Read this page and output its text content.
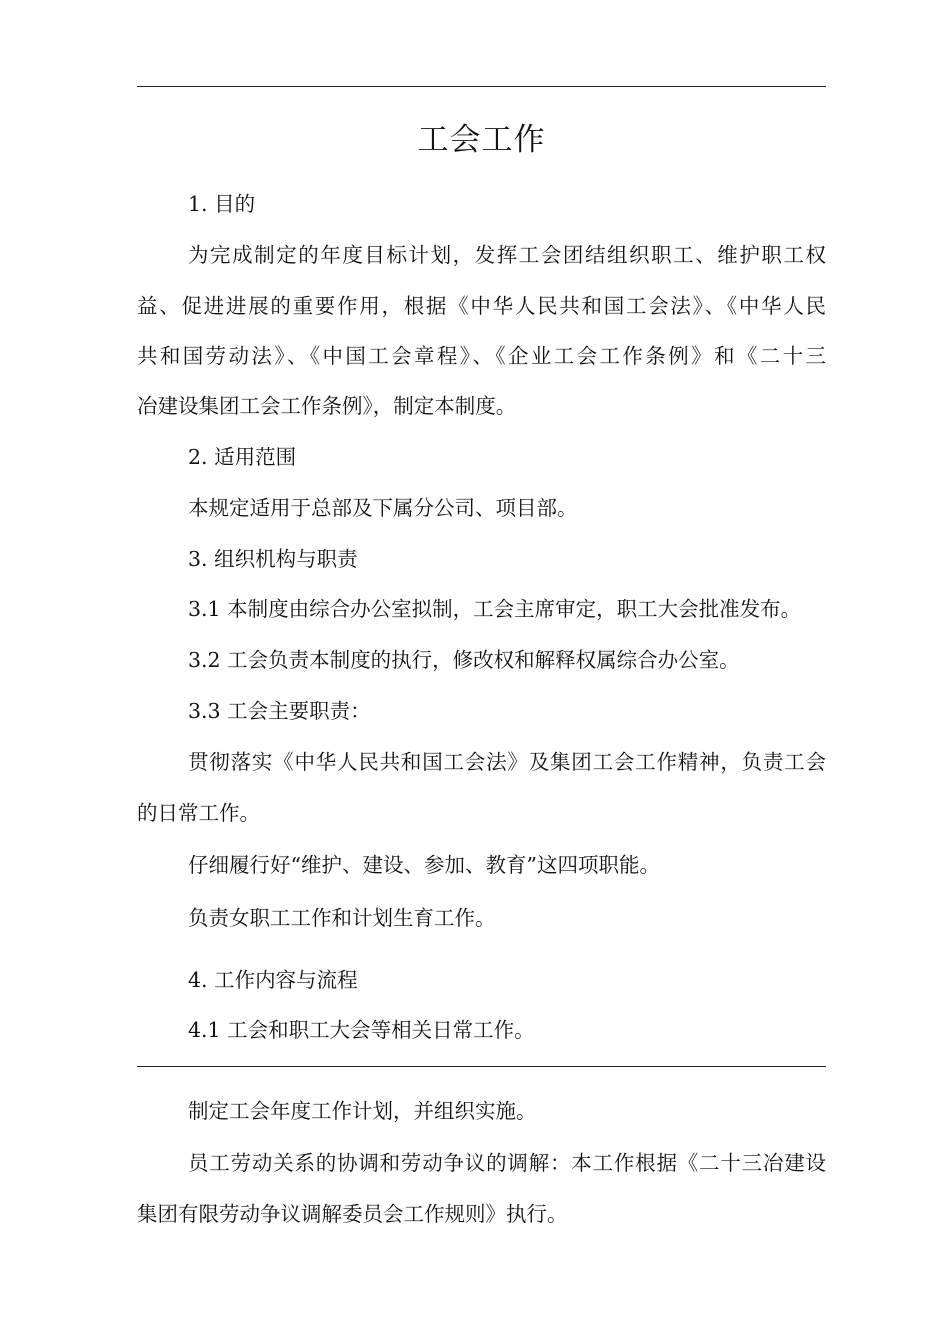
工会工作
1. 目的
为完成制定的年度目标计划，发挥工会团结组织职工、维护职工权
益、促进进展的重要作用，根据《中华人民共和国工会法》、《中华人民
共和国劳动法》、《中国工会章程》、《企业工会工作条例》和《二十三
冶建设集团工会工作条例》，制定本制度。
2. 适用范围
本规定适用于总部及下属分公司、项目部。
3. 组织机构与职责
3.1 本制度由综合办公室拟制，工会主席审定，职工大会批准发布。
3.2 工会负责本制度的执行，修改权和解释权属综合办公室。
3.3 工会主要职责：
贯彻落实《中华人民共和国工会法》及集团工会工作精神，负责工会
的日常工作。
仔细履行好“维护、建设、参加、教育”这四项职能。
负责女职工工作和计划生育工作。
4. 工作内容与流程
4.1 工会和职工大会等相关日常工作。
制定工会年度工作计划，并组织实施。
员工劳动关系的协调和劳动争议的调解：本工作根据《二十三冶建设
集团有限劳动争议调解委员会工作规则》执行。
